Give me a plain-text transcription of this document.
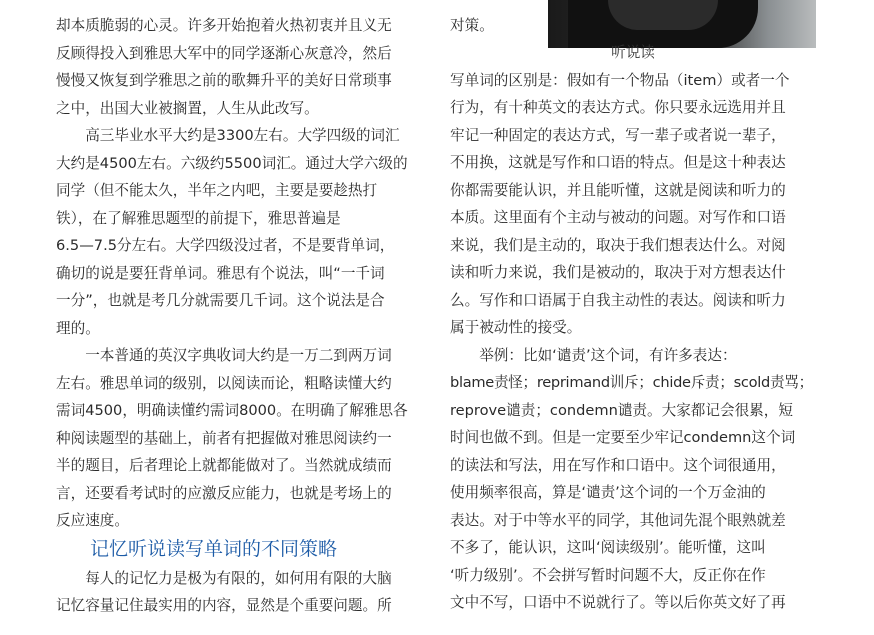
却本质脆弱的心灵。许多开始抱着火热初衷并且义无
反顾得投入到雅思大军中的同学逐渐心灰意冷，然后
慢慢又恢复到学雅思之前的歌舞升平的美好日常琐事
之中，出国大业被搁置，人生从此改写。
　　高三毕业水平大约是3300左右。大学四级的词汇
大约是4500左右。六级约5500词汇。通过大学六级的
同学（但不能太久，半年之内吧，主要是要趁热打
铁），在了解雅思题型的前提下，雅思普遍是
6.5—7.5分左右。大学四级没过者，不是要背单词，
确切的说是要狂背单词。雅思有个说法，叫“一千词
一分”，也就是考几分就需要几千词。这个说法是合
理的。
　　一本普通的英汉字典收词大约是一万二到两万词
左右。雅思单词的级别，以阅读而论，粗略读懂大约
需词4500，明确读懂约需词8000。在明确了解雅思各
种阅读题型的基础上，前者有把握做对雅思阅读约一
半的题目，后者理论上就都能做对了。当然就成绩而
言，还要看考试时的应激反应能力，也就是考场上的
反应速度。
记忆听说读写单词的不同策略
　　每人的记忆力是极为有限的，如何用有限的大脑
记忆容量记住最实用的内容，显然是个重要问题。所
对策。
听说读
写单词的区别是：假如有一个物品（item）或者一个
行为，有十种英文的表达方式。你只要永远选用并且
牢记一种固定的表达方式，写一辈子或者说一辈子，
不用换，这就是写作和口语的特点。但是这十种表达
你都需要能认识，并且能听懂，这就是阅读和听力的
本质。这里面有个主动与被动的问题。对写作和口语
来说，我们是主动的，取决于我们想表达什么。对阅
读和听力来说，我们是被动的，取决于对方想表达什
么。写作和口语属于自我主动性的表达。阅读和听力
属于被动性的接受。
　　举例：比如‘谴责’这个词，有许多表达：
blame责怪；reprimand训斥；chide斥责；scold责骂；
reprove谴责；condemn谴责。大家都记会很累，短
时间也做不到。但是一定要至少牢记condemn这个词
的读法和写法，用在写作和口语中。这个词很通用，
使用频率很高，算是‘谴责’这个词的一个万金油的
表达。对于中等水平的同学，其他词先混个眼熟就差
不多了，能认识，这叫‘阅读级别’。能听懂，这叫
‘听力级别’。不会拼写暂时问题不大，反正你在作
文中不写，口语中不说就行了。等以后你英文好了再
